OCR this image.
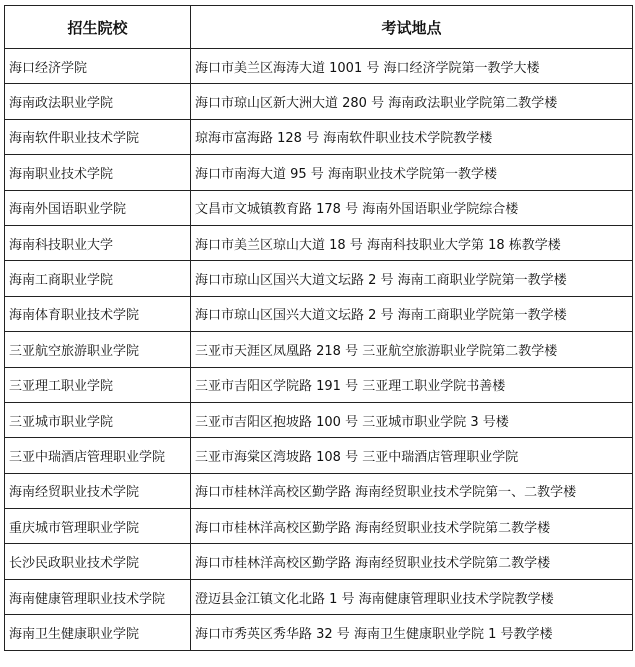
招生院校	考试地点
海口经济学院	海口市美兰区海涛大道 1001 号 海口经济学院第一教学大楼
海南政法职业学院	海口市琼山区新大洲大道 280 号 海南政法职业学院第二教学楼
海南软件职业技术学院	琼海市富海路 128 号 海南软件职业技术学院教学楼
海南职业技术学院	海口市南海大道 95 号 海南职业技术学院第一教学楼
海南外国语职业学院	文昌市文城镇教育路 178 号 海南外国语职业学院综合楼
海南科技职业大学	海口市美兰区琼山大道 18 号 海南科技职业大学第 18 栋教学楼
海南工商职业学院	海口市琼山区国兴大道文坛路 2 号 海南工商职业学院第一教学楼
海南体育职业技术学院	海口市琼山区国兴大道文坛路 2 号 海南工商职业学院第一教学楼
三亚航空旅游职业学院	三亚市天涯区凤凰路 218 号 三亚航空旅游职业学院第二教学楼
三亚理工职业学院	三亚市吉阳区学院路 191 号 三亚理工职业学院书善楼
三亚城市职业学院	三亚市吉阳区抱坡路 100 号 三亚城市职业学院 3 号楼
三亚中瑞酒店管理职业学院	三亚市海棠区湾坡路 108 号 三亚中瑞酒店管理职业学院
海南经贸职业技术学院	海口市桂林洋高校区勤学路 海南经贸职业技术学院第一、二教学楼
重庆城市管理职业学院	海口市桂林洋高校区勤学路 海南经贸职业技术学院第二教学楼
长沙民政职业技术学院	海口市桂林洋高校区勤学路 海南经贸职业技术学院第二教学楼
海南健康管理职业技术学院	澄迈县金江镇文化北路 1 号 海南健康管理职业技术学院教学楼
海南卫生健康职业学院	海口市秀英区秀华路 32 号 海南卫生健康职业学院 1 号教学楼
